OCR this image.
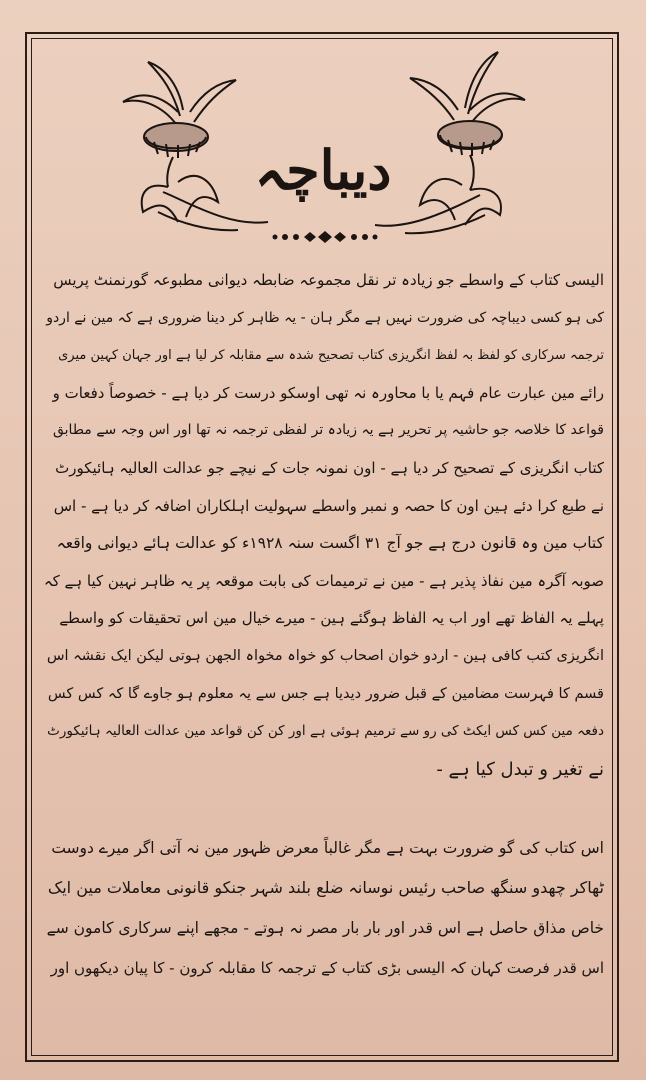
دیباچہ
الیسی کتاب کے واسطے جو زیادہ تر نقل مجموعہ ضابطہ دیوانی مطبوعہ گورنمنٹ پریس
کی ہو کسی دیباچہ کی ضرورت نہیں ہے مگر ہان - یہ ظاہر کر دینا ضروری ہے کہ مین نے اردو
ترجمہ سرکاری کو لفظ بہ لفظ انگریزی کتاب تصحیح شدہ سے مقابلہ کر لیا ہے اور جہان کہین میری
رائے مین عبارت عام فہم یا با محاورہ نہ تھی اوسکو درست کر دیا ہے - خصوصاً دفعات و
قواعد کا خلاصہ جو حاشیہ پر تحریر ہے یہ زیادہ تر لفظی ترجمہ نہ تھا اور اس وجہ سے مطابق
کتاب انگریزی کے تصحیح کر دیا ہے - اون نمونہ جات کے نیچے جو عدالت العالیہ ہائیکورٹ
نے طبع کرا دئے ہین اون کا حصہ و نمبر واسطے سہولیت اہلکاران اضافہ کر دیا ہے - اس
کتاب مین وہ قانون درج ہے جو آج ۳۱ اگست سنہ ۱۹۲۸ء کو عدالت ہائے دیوانی واقعہ
صوبہ آگرہ مین نفاذ پذیر ہے - مین نے ترمیمات کی بابت موقعہ پر یہ ظاہر نہین کیا ہے کہ
پہلے یہ الفاظ تھے اور اب یہ الفاظ ہوگئے ہین - میرے خیال مین اس تحقیقات کو واسطے
انگریزی کتب کافی ہین - اردو خوان اصحاب کو خواہ مخواہ الجھن ہوتی لیکن ایک نقشہ اس
قسم کا فہرست مضامین کے قبل ضرور دیدیا ہے جس سے یہ معلوم ہو جاوے گا کہ کس کس
دفعہ مین کس کس ایکٹ کی رو سے ترمیم ہوئی ہے اور کن کن قواعد مین عدالت العالیہ ہائیکورٹ
نے تغیر و تبدل کیا ہے -
اس کتاب کی گو ضرورت بہت ہے مگر غالباً معرض ظہور مین نہ آتی اگر میرے دوست
ٹھاکر چھدو سنگھ صاحب رئیس نوسانہ ضلع بلند شہر جنکو قانونی معاملات مین ایک
خاص مذاق حاصل ہے اس قدر اور بار بار مصر نہ ہوتے - مجھے اپنے سرکاری کامون سے
اس قدر فرصت کہان کہ الیسی بڑی کتاب کے ترجمہ کا مقابلہ کرون - کا پیان دیکھوں اور
